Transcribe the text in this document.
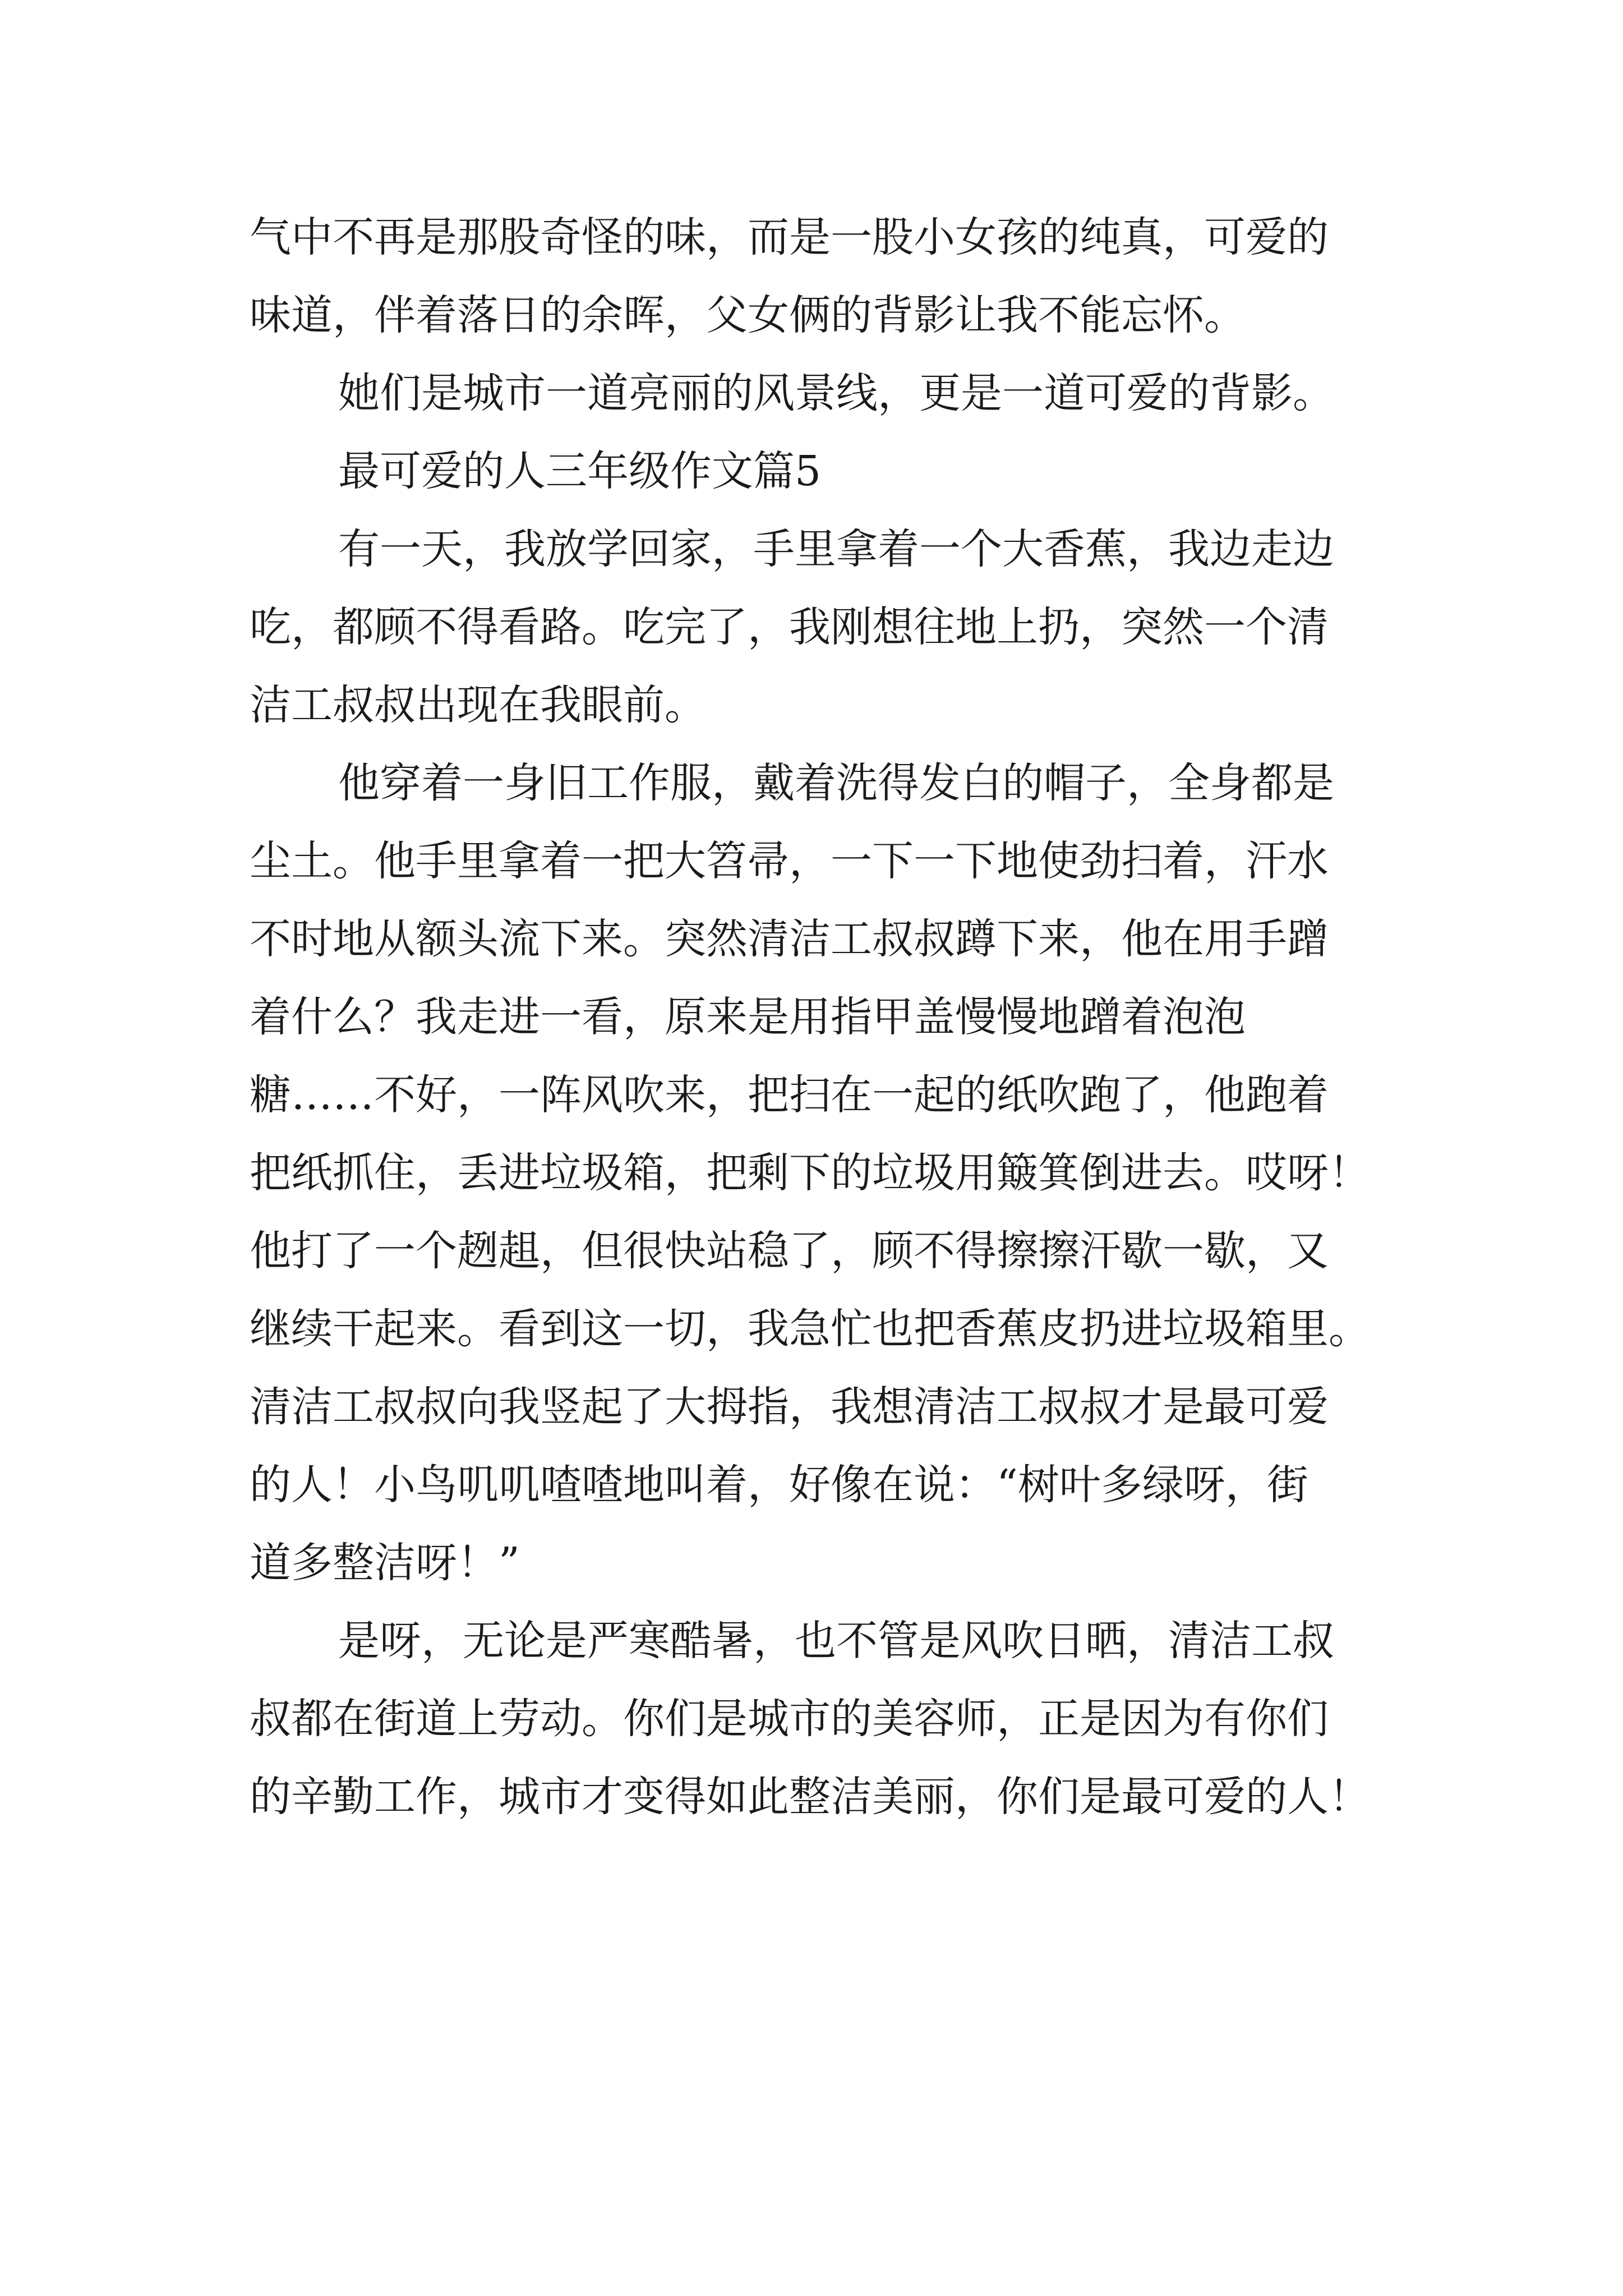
气中不再是那股奇怪的味，而是一股小女孩的纯真，可爱的
味道，伴着落日的余晖，父女俩的背影让我不能忘怀。
她们是城市一道亮丽的风景线，更是一道可爱的背影。
最可爱的人三年级作文篇5
有一天，我放学回家，手里拿着一个大香蕉，我边走边
吃，都顾不得看路。吃完了，我刚想往地上扔，突然一个清
洁工叔叔出现在我眼前。
他穿着一身旧工作服，戴着洗得发白的帽子，全身都是
尘土。他手里拿着一把大笤帚，一下一下地使劲扫着，汗水
不时地从额头流下来。突然清洁工叔叔蹲下来，他在用手蹭
着什么？我走进一看，原来是用指甲盖慢慢地蹭着泡泡
糖……不好，一阵风吹来，把扫在一起的纸吹跑了，他跑着
把纸抓住，丢进垃圾箱，把剩下的垃圾用簸箕倒进去。哎呀！
他打了一个趔趄，但很快站稳了，顾不得擦擦汗歇一歇，又
继续干起来。看到这一切，我急忙也把香蕉皮扔进垃圾箱里。
清洁工叔叔向我竖起了大拇指，我想清洁工叔叔才是最可爱
的人！小鸟叽叽喳喳地叫着，好像在说：“树叶多绿呀，街
道多整洁呀！”
是呀，无论是严寒酷暑，也不管是风吹日晒，清洁工叔
叔都在街道上劳动。你们是城市的美容师，正是因为有你们
的辛勤工作，城市才变得如此整洁美丽，你们是最可爱的人！
